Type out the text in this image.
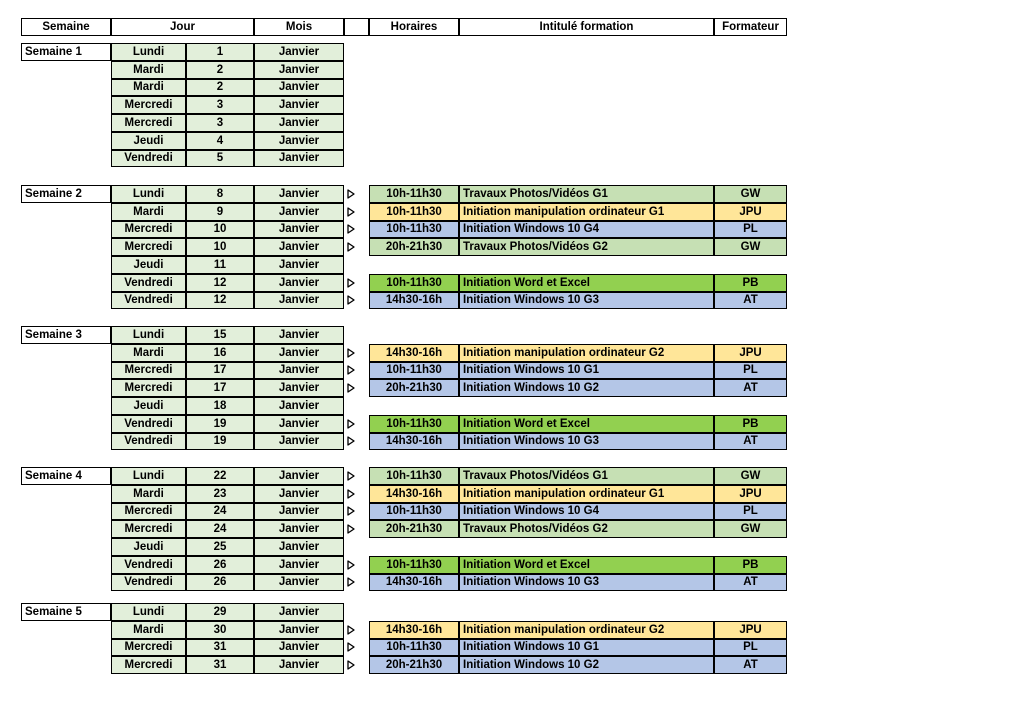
Semaine	Jour	Mois	Horaires	Intitulé formation	Formateur
Semaine 1	Lundi	1	Janvier
Mardi	2	Janvier
Mardi	2	Janvier
Mercredi	3	Janvier
Mercredi	3	Janvier
Jeudi	4	Janvier
Vendredi	5	Janvier
Semaine 2	Lundi	8	Janvier	10h-11h30	Travaux Photos/Vidéos G1	GW
Mardi	9	Janvier	10h-11h30	Initiation manipulation ordinateur G1	JPU
Mercredi	10	Janvier	10h-11h30	Initiation Windows 10 G4	PL
Mercredi	10	Janvier	20h-21h30	Travaux Photos/Vidéos G2	GW
Jeudi	11	Janvier
Vendredi	12	Janvier	10h-11h30	Initiation Word et Excel	PB
Vendredi	12	Janvier	14h30-16h	Initiation Windows 10 G3	AT
Semaine 3	Lundi	15	Janvier
Mardi	16	Janvier	14h30-16h	Initiation manipulation ordinateur G2	JPU
Mercredi	17	Janvier	10h-11h30	Initiation Windows 10 G1	PL
Mercredi	17	Janvier	20h-21h30	Initiation Windows 10 G2	AT
Jeudi	18	Janvier
Vendredi	19	Janvier	10h-11h30	Initiation Word et Excel	PB
Vendredi	19	Janvier	14h30-16h	Initiation Windows 10 G3	AT
Semaine 4	Lundi	22	Janvier	10h-11h30	Travaux Photos/Vidéos G1	GW
Mardi	23	Janvier	14h30-16h	Initiation manipulation ordinateur G1	JPU
Mercredi	24	Janvier	10h-11h30	Initiation Windows 10 G4	PL
Mercredi	24	Janvier	20h-21h30	Travaux Photos/Vidéos G2	GW
Jeudi	25	Janvier
Vendredi	26	Janvier	10h-11h30	Initiation Word et Excel	PB
Vendredi	26	Janvier	14h30-16h	Initiation Windows 10 G3	AT
Semaine 5	Lundi	29	Janvier
Mardi	30	Janvier	14h30-16h	Initiation manipulation ordinateur G2	JPU
Mercredi	31	Janvier	10h-11h30	Initiation Windows 10 G1	PL
Mercredi	31	Janvier	20h-21h30	Initiation Windows 10 G2	AT
